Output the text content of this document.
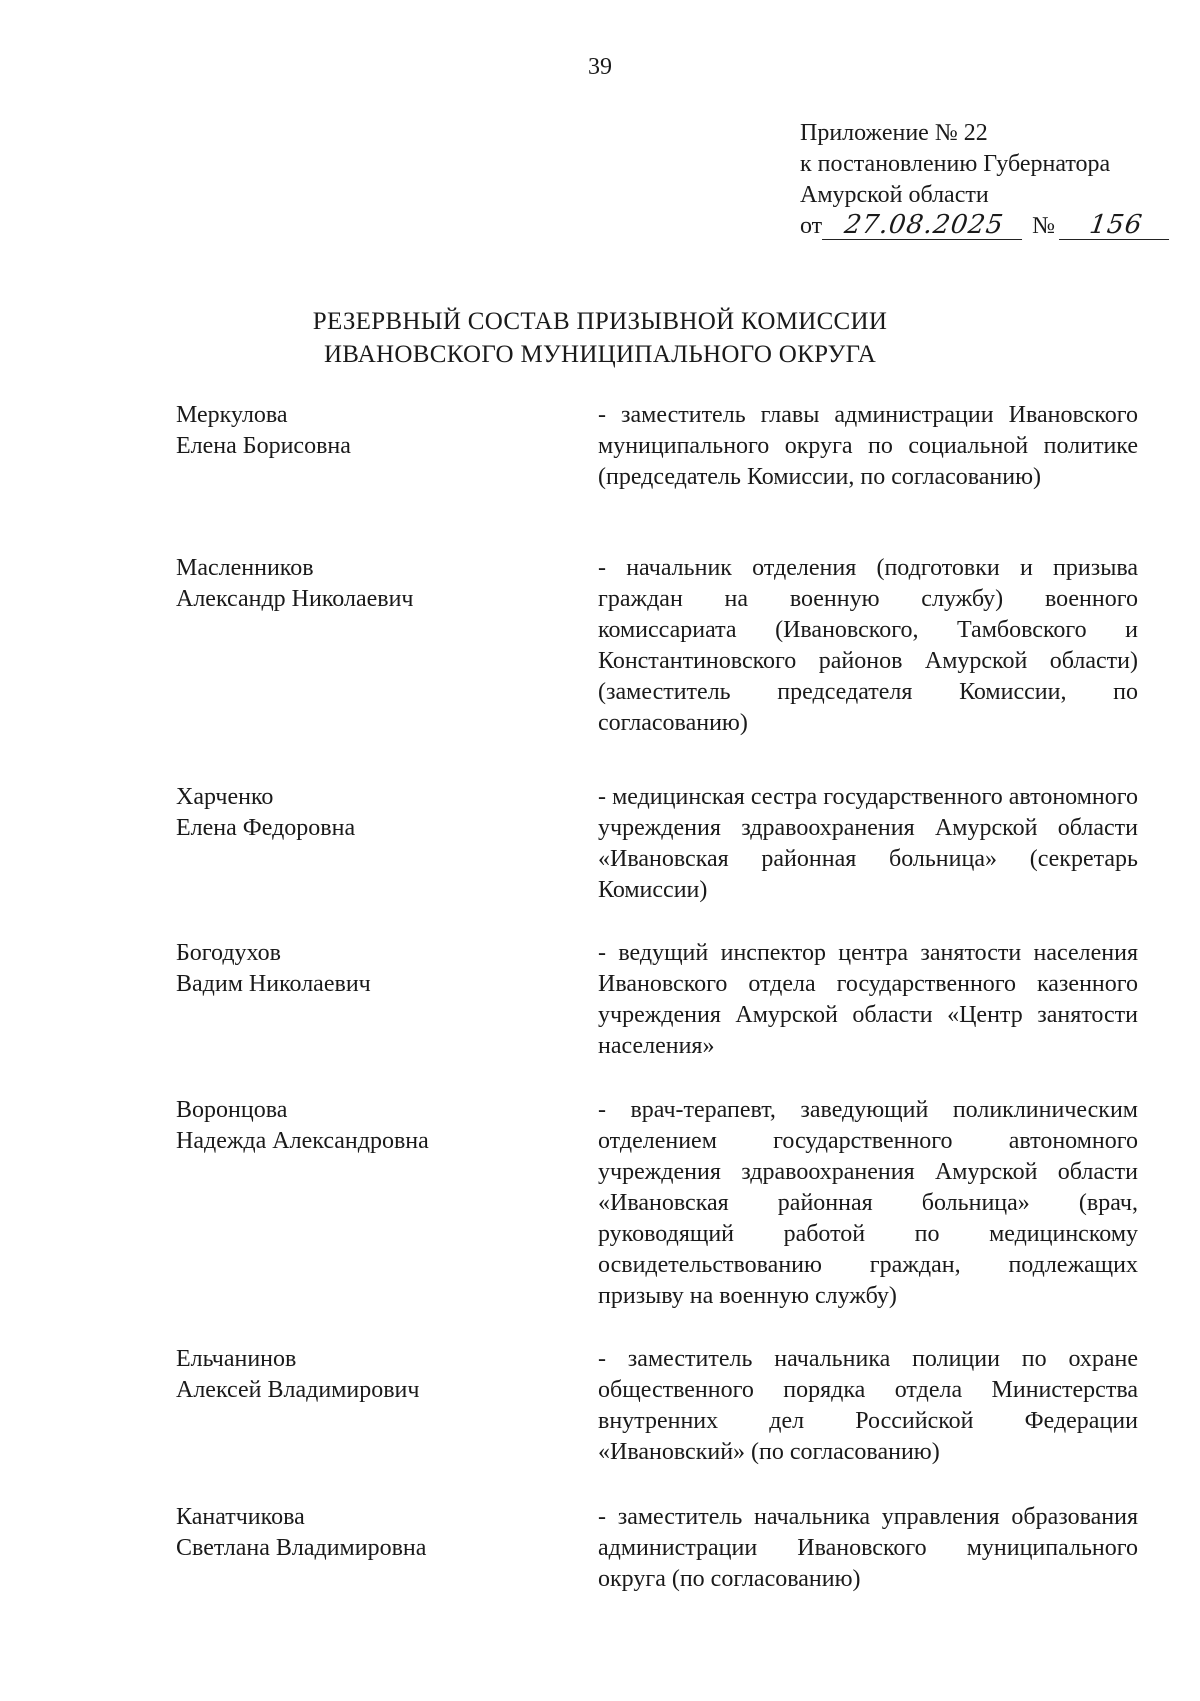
39
Приложение № 22
к постановлению Губернатора
Амурской области
от 27.08.2025	№	156
РЕЗЕРВНЫЙ СОСТАВ ПРИЗЫВНОЙ КОМИССИИ
ИВАНОВСКОГО МУНИЦИПАЛЬНОГО ОКРУГА
Меркулова
Елена Борисовна
- заместитель главы администрации Ивановского муниципального округа по социальной политике (председатель Комиссии, по согласованию)
Масленников
Александр Николаевич
- начальник отделения (подготовки и призыва граждан на военную службу) военного комиссариата (Ивановского, Тамбовского и Константиновского районов Амурской области) (заместитель председателя Комиссии, по согласованию)
Харченко
Елена Федоровна
- медицинская сестра государственного автономного учреждения здравоохранения Амурской области «Ивановская районная больница» (секретарь Комиссии)
Богодухов
Вадим Николаевич
- ведущий инспектор центра занятости населения Ивановского отдела государственного казенного учреждения Амурской области «Центр занятости населения»
Воронцова
Надежда Александровна
- врач-терапевт, заведующий поликлиническим отделением государственного автономного учреждения здравоохранения Амурской области «Ивановская районная больница» (врач, руководящий работой по медицинскому освидетельствованию граждан, подлежащих призыву на военную службу)
Ельчанинов
Алексей Владимирович
- заместитель начальника полиции по охране общественного порядка отдела Министерства внутренних дел Российской Федерации «Ивановский» (по согласованию)
Канатчикова
Светлана Владимировна
- заместитель начальника управления образования администрации Ивановского муниципального округа (по согласованию)
